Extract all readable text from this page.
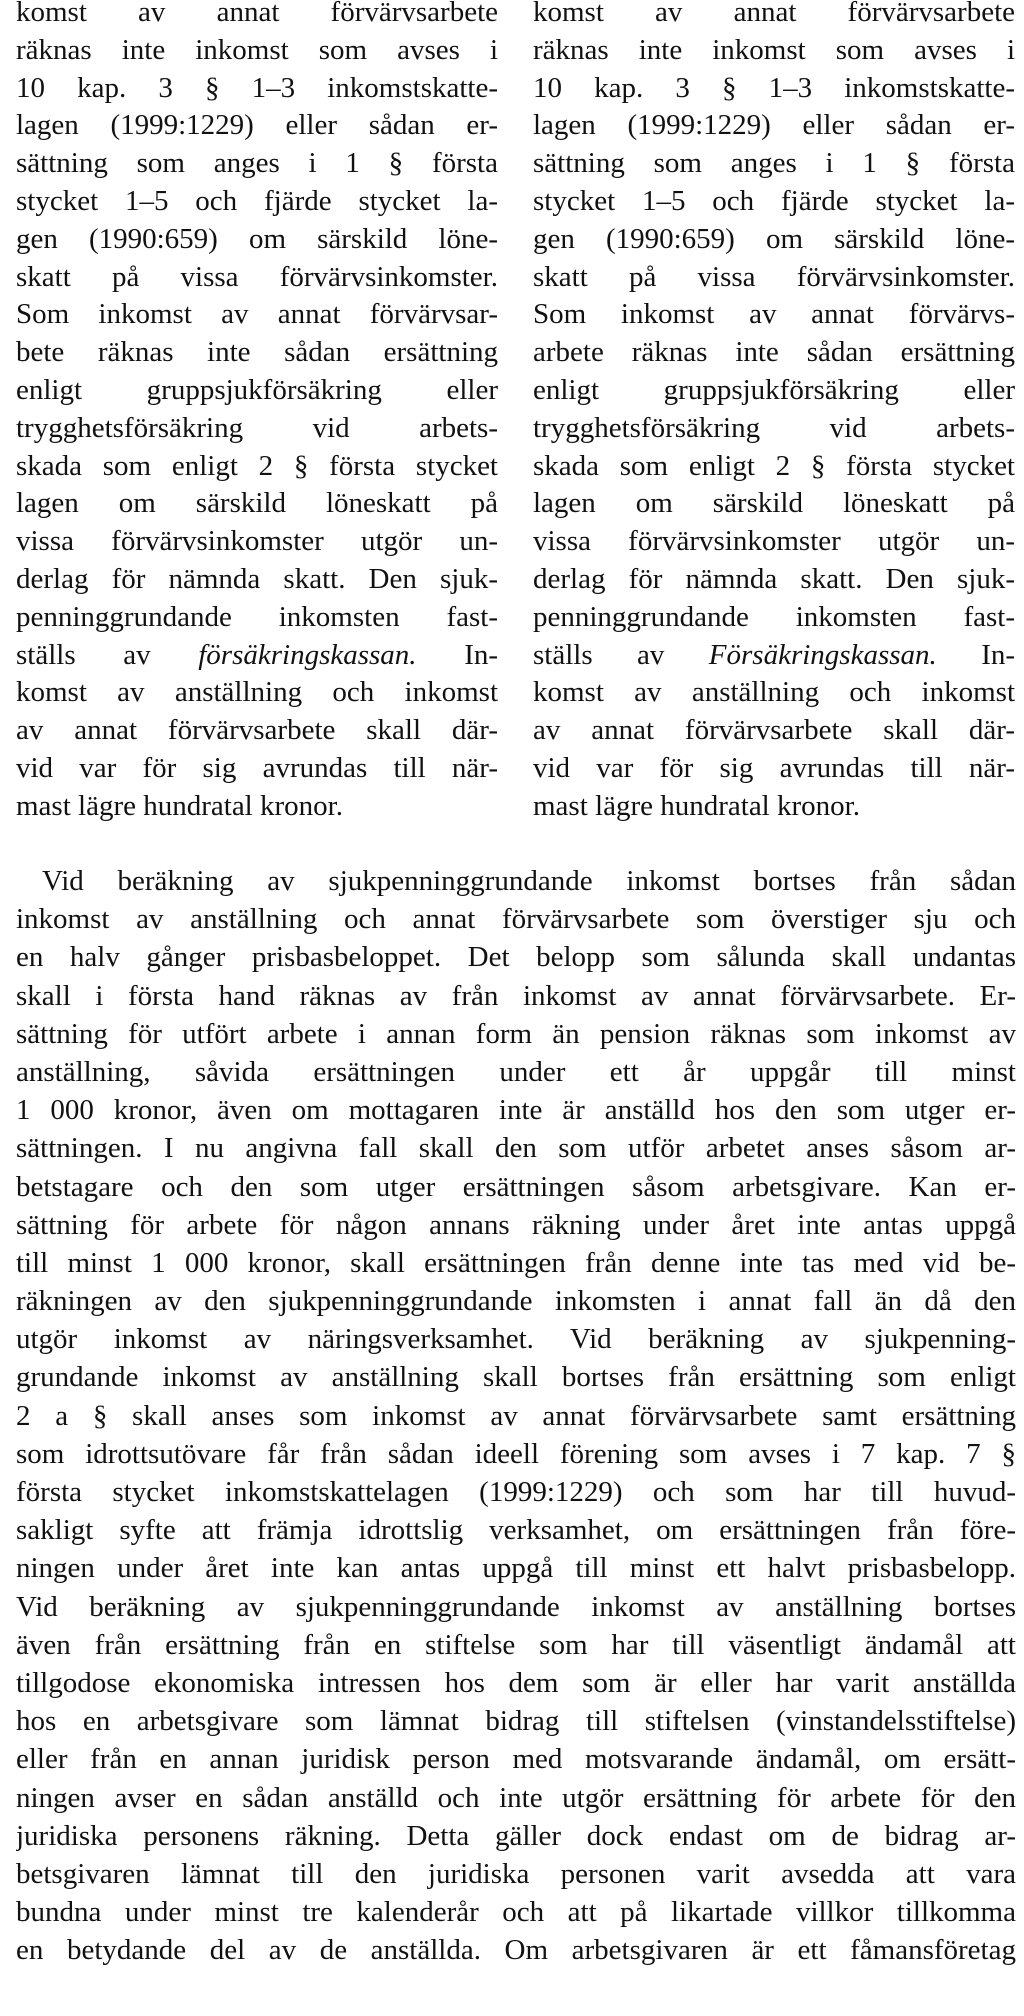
komst av annat förvärvsarbete
räknas inte inkomst som avses i
10 kap. 3 § 1–3 inkomstskatte-
lagen (1999:1229) eller sådan er-
sättning som anges i 1 § första
stycket 1–5 och fjärde stycket la-
gen (1990:659) om särskild löne-
skatt på vissa förvärvsinkomster.
Som inkomst av annat förvärvsar-
bete räknas inte sådan ersättning
enligt gruppsjukförsäkring eller
trygghetsförsäkring vid arbets-
skada som enligt 2 § första stycket
lagen om särskild löneskatt på
vissa förvärvsinkomster utgör un-
derlag för nämnda skatt. Den sjuk-
penninggrundande inkomsten fast-
ställs av försäkringskassan. In-
komst av anställning och inkomst
av annat förvärvsarbete skall där-
vid var för sig avrundas till när-
mast lägre hundratal kronor.
komst av annat förvärvsarbete
räknas inte inkomst som avses i
10 kap. 3 § 1–3 inkomstskatte-
lagen (1999:1229) eller sådan er-
sättning som anges i 1 § första
stycket 1–5 och fjärde stycket la-
gen (1990:659) om särskild löne-
skatt på vissa förvärvsinkomster.
Som inkomst av annat förvärvs-
arbete räknas inte sådan ersättning
enligt gruppsjukförsäkring eller
trygghetsförsäkring vid arbets-
skada som enligt 2 § första stycket
lagen om särskild löneskatt på
vissa förvärvsinkomster utgör un-
derlag för nämnda skatt. Den sjuk-
penninggrundande inkomsten fast-
ställs av Försäkringskassan. In-
komst av anställning och inkomst
av annat förvärvsarbete skall där-
vid var för sig avrundas till när-
mast lägre hundratal kronor.
Vid beräkning av sjukpenninggrundande inkomst bortses från sådan
inkomst av anställning och annat förvärvsarbete som överstiger sju och
en halv gånger prisbasbeloppet. Det belopp som sålunda skall undantas
skall i första hand räknas av från inkomst av annat förvärvsarbete. Er-
sättning för utfört arbete i annan form än pension räknas som inkomst av
anställning, såvida ersättningen under ett år uppgår till minst
1 000 kronor, även om mottagaren inte är anställd hos den som utger er-
sättningen. I nu angivna fall skall den som utför arbetet anses såsom ar-
betstagare och den som utger ersättningen såsom arbetsgivare. Kan er-
sättning för arbete för någon annans räkning under året inte antas uppgå
till minst 1 000 kronor, skall ersättningen från denne inte tas med vid be-
räkningen av den sjukpenninggrundande inkomsten i annat fall än då den
utgör inkomst av näringsverksamhet. Vid beräkning av sjukpenning-
grundande inkomst av anställning skall bortses från ersättning som enligt
2 a § skall anses som inkomst av annat förvärvsarbete samt ersättning
som idrottsutövare får från sådan ideell förening som avses i 7 kap. 7 §
första stycket inkomstskattelagen (1999:1229) och som har till huvud-
sakligt syfte att främja idrottslig verksamhet, om ersättningen från före-
ningen under året inte kan antas uppgå till minst ett halvt prisbasbelopp.
Vid beräkning av sjukpenninggrundande inkomst av anställning bortses
även från ersättning från en stiftelse som har till väsentligt ändamål att
tillgodose ekonomiska intressen hos dem som är eller har varit anställda
hos en arbetsgivare som lämnat bidrag till stiftelsen (vinstandelsstiftelse)
eller från en annan juridisk person med motsvarande ändamål, om ersätt-
ningen avser en sådan anställd och inte utgör ersättning för arbete för den
juridiska personens räkning. Detta gäller dock endast om de bidrag ar-
betsgivaren lämnat till den juridiska personen varit avsedda att vara
bundna under minst tre kalenderår och att på likartade villkor tillkomma
en betydande del av de anställda. Om arbetsgivaren är ett fåmansföretag
